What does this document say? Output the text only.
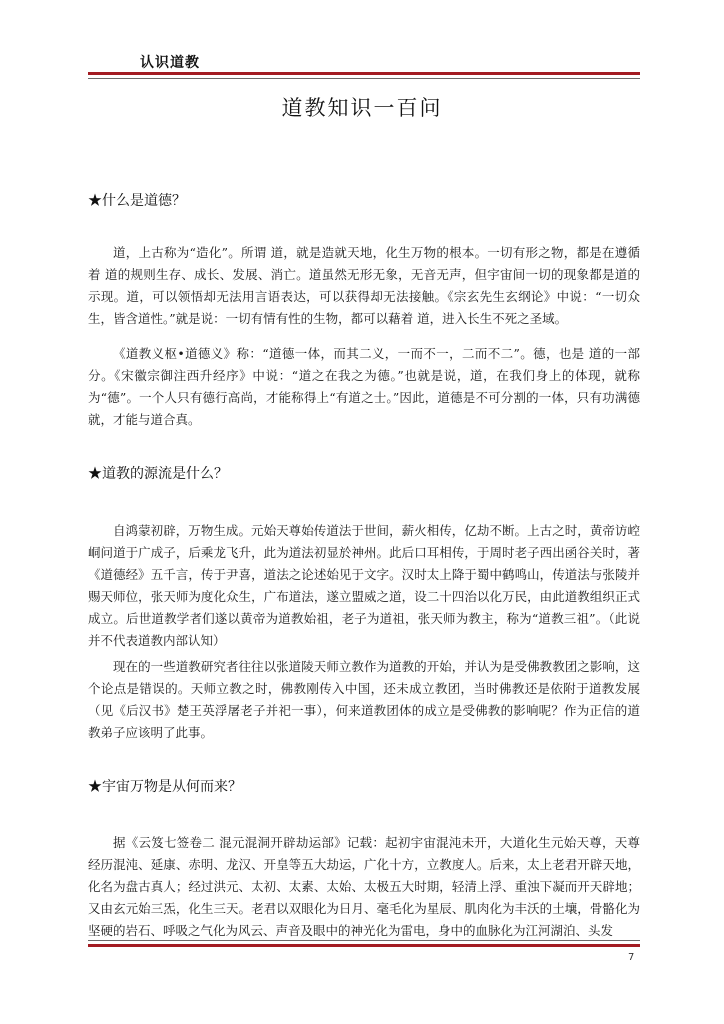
认识道教
道教知识一百问
★什么是道德？
道，上古称为“造化”。所谓 道，就是造就天地，化生万物的根本。一切有形之物，都是在遵循着 道的规则生存、成长、发展、消亡。道虽然无形无象，无音无声，但宇宙间一切的现象都是道的示现。道，可以领悟却无法用言语表达，可以获得却无法接触。《宗玄先生玄纲论》中说：“一切众生，皆含道性。”就是说：一切有情有性的生物，都可以藉着 道，进入长生不死之圣域。
《道教义枢•道德义》称：“道德一体，而其二义，一而不一，二而不二”。德，也是 道的一部分。《宋徽宗御注西升经序》中说：“道之在我之为德。”也就是说，道，在我们身上的体现，就称为“德”。一个人只有德行高尚，才能称得上“有道之士。”因此，道德是不可分割的一体，只有功满德就，才能与道合真。
★道教的源流是什么？
自鸿蒙初辟，万物生成。元始天尊始传道法于世间，薪火相传，亿劫不断。上古之时，黄帝访崆峒问道于广成子，后乘龙飞升，此为道法初显於神州。此后口耳相传，于周时老子西出函谷关时，著《道德经》五千言，传于尹喜，道法之论述始见于文字。汉时太上降于蜀中鹤鸣山，传道法与张陵并赐天师位，张天师为度化众生，广布道法，遂立盟威之道，设二十四治以化万民，由此道教组织正式成立。后世道教学者们遂以黄帝为道教始祖，老子为道祖，张天师为教主，称为“道教三祖”。（此说并不代表道教内部认知）
现在的一些道教研究者往往以张道陵天师立教作为道教的开始，并认为是受佛教教团之影响，这个论点是错误的。天师立教之时，佛教刚传入中国，还未成立教团，当时佛教还是依附于道教发展（见《后汉书》楚王英浮屠老子并祀一事），何来道教团体的成立是受佛教的影响呢？作为正信的道教弟子应该明了此事。
★宇宙万物是从何而来？
据《云笈七签卷二 混元混洞开辟劫运部》记载：起初宇宙混沌未开，大道化生元始天尊，天尊经历混沌、延康、赤明、龙汉、开皇等五大劫运，广化十方，立教度人。后来，太上老君开辟天地，化名为盘古真人；经过洪元、太初、太素、太始、太极五大时期，轻清上浮、重浊下凝而开天辟地；又由玄元始三炁，化生三天。老君以双眼化为日月、毫毛化为星辰、肌肉化为丰沃的土壤，骨骼化为坚硬的岩石、呼吸之气化为风云、声音及眼中的神光化为雷电，身中的血脉化为江河湖泊、头发
7
